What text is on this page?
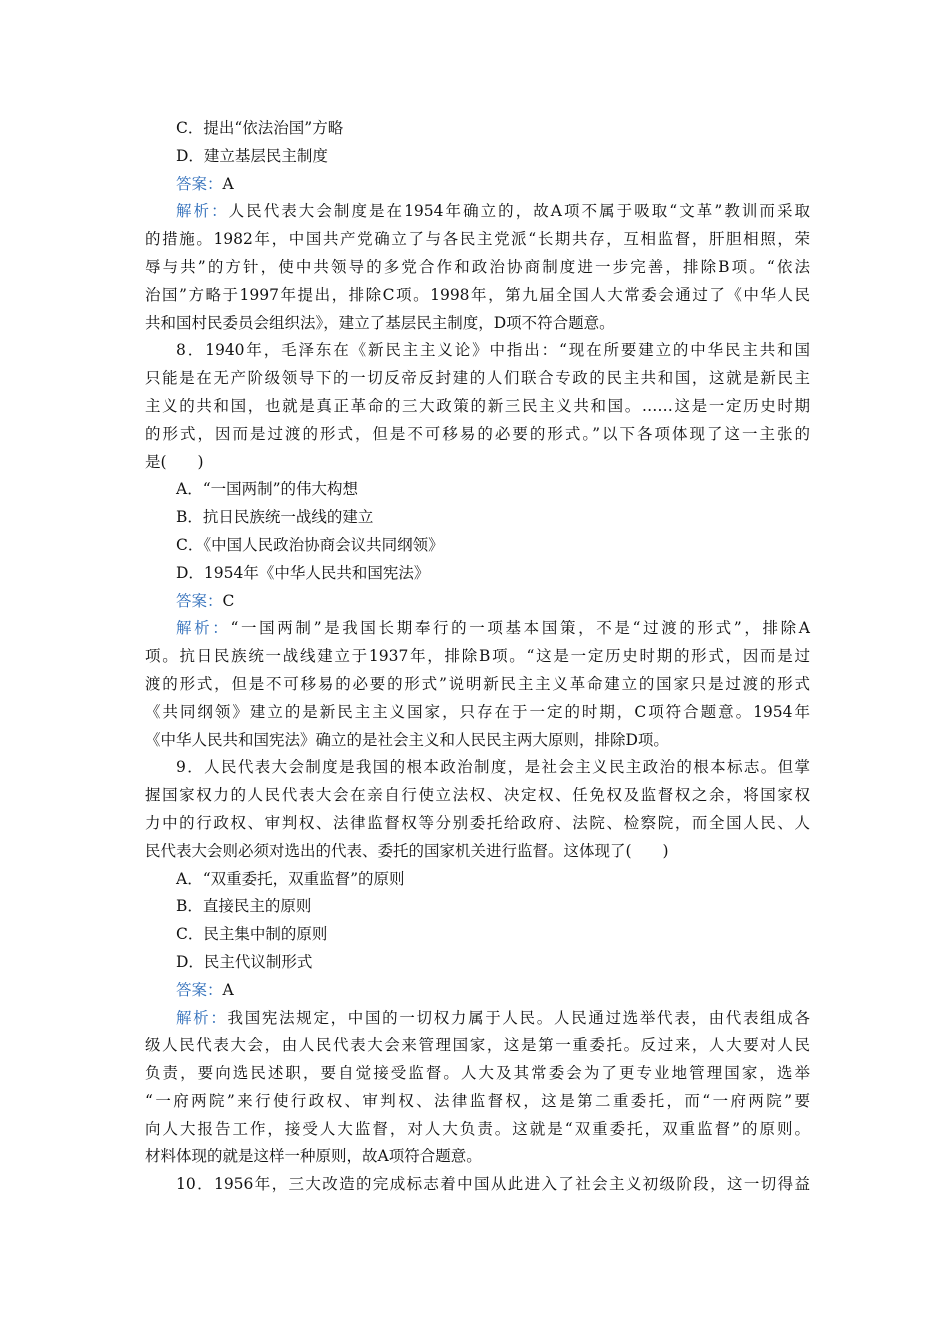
C．提出“依法治国”方略
D．建立基层民主制度
答案：A
解析：人民代表大会制度是在1954年确立的，故A项不属于吸取“文革”教训而采取
的措施。1982年，中国共产党确立了与各民主党派“长期共存，互相监督，肝胆相照，荣
辱与共”的方针，使中共领导的多党合作和政治协商制度进一步完善，排除B项。“依法
治国”方略于1997年提出，排除C项。1998年，第九届全国人大常委会通过了《中华人民
共和国村民委员会组织法》，建立了基层民主制度，D项不符合题意。
8．1940年，毛泽东在《新民主主义论》中指出：“现在所要建立的中华民主共和国
只能是在无产阶级领导下的一切反帝反封建的人们联合专政的民主共和国，这就是新民主
主义的共和国，也就是真正革命的三大政策的新三民主义共和国。……这是一定历史时期
的形式，因而是过渡的形式，但是不可移易的必要的形式。”以下各项体现了这一主张的
是(　　)
A．“一国两制”的伟大构想
B．抗日民族统一战线的建立
C．《中国人民政治协商会议共同纲领》
D．1954年《中华人民共和国宪法》
答案：C
解析：“一国两制”是我国长期奉行的一项基本国策，不是“过渡的形式”，排除A
项。抗日民族统一战线建立于1937年，排除B项。“这是一定历史时期的形式，因而是过
渡的形式，但是不可移易的必要的形式”说明新民主主义革命建立的国家只是过渡的形式
《共同纲领》建立的是新民主主义国家，只存在于一定的时期，C项符合题意。1954年
《中华人民共和国宪法》确立的是社会主义和人民民主两大原则，排除D项。
9．人民代表大会制度是我国的根本政治制度，是社会主义民主政治的根本标志。但掌
握国家权力的人民代表大会在亲自行使立法权、决定权、任免权及监督权之余，将国家权
力中的行政权、审判权、法律监督权等分别委托给政府、法院、检察院，而全国人民、人
民代表大会则必须对选出的代表、委托的国家机关进行监督。这体现了(　　)
A．“双重委托，双重监督”的原则
B．直接民主的原则
C．民主集中制的原则
D．民主代议制形式
答案：A
解析：我国宪法规定，中国的一切权力属于人民。人民通过选举代表，由代表组成各
级人民代表大会，由人民代表大会来管理国家，这是第一重委托。反过来，人大要对人民
负责，要向选民述职，要自觉接受监督。人大及其常委会为了更专业地管理国家，选举
“一府两院”来行使行政权、审判权、法律监督权，这是第二重委托，而“一府两院”要
向人大报告工作，接受人大监督，对人大负责。这就是“双重委托，双重监督”的原则。
材料体现的就是这样一种原则，故A项符合题意。
10．1956年，三大改造的完成标志着中国从此进入了社会主义初级阶段，这一切得益
